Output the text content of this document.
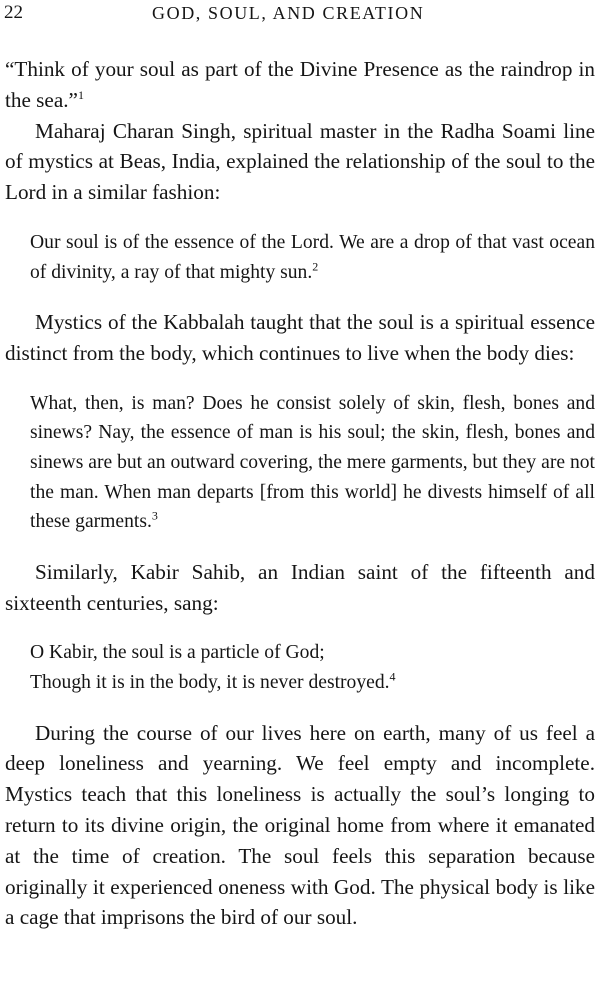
22	GOD, SOUL, AND CREATION

“Think of your soul as part of the Divine Presence as the raindrop in the sea.”$^1$

Maharaj Charan Singh, spiritual master in the Radha Soami line of mystics at Beas, India, explained the relationship of the soul to the Lord in a similar fashion:

Our soul is of the essence of the Lord. We are a drop of that vast ocean of divinity, a ray of that mighty sun.$^2$

Mystics of the Kabbalah taught that the soul is a spiritual essence distinct from the body, which continues to live when the body dies:

What, then, is man? Does he consist solely of skin, flesh, bones and sinews? Nay, the essence of man is his soul; the skin, flesh, bones and sinews are but an outward covering, the mere garments, but they are not the man. When man departs [from this world] he divests himself of all these garments.$^3$

Similarly, Kabir Sahib, an Indian saint of the fifteenth and sixteenth centuries, sang:

O Kabir, the soul is a particle of God;
Though it is in the body, it is never destroyed.$^4$

During the course of our lives here on earth, many of us feel a deep loneliness and yearning. We feel empty and incomplete. Mystics teach that this loneliness is actually the soul’s longing to return to its divine origin, the original home from where it emanated at the time of creation. The soul feels this separation because originally it experienced oneness with God. The physical body is like a cage that imprisons the bird of our soul.
